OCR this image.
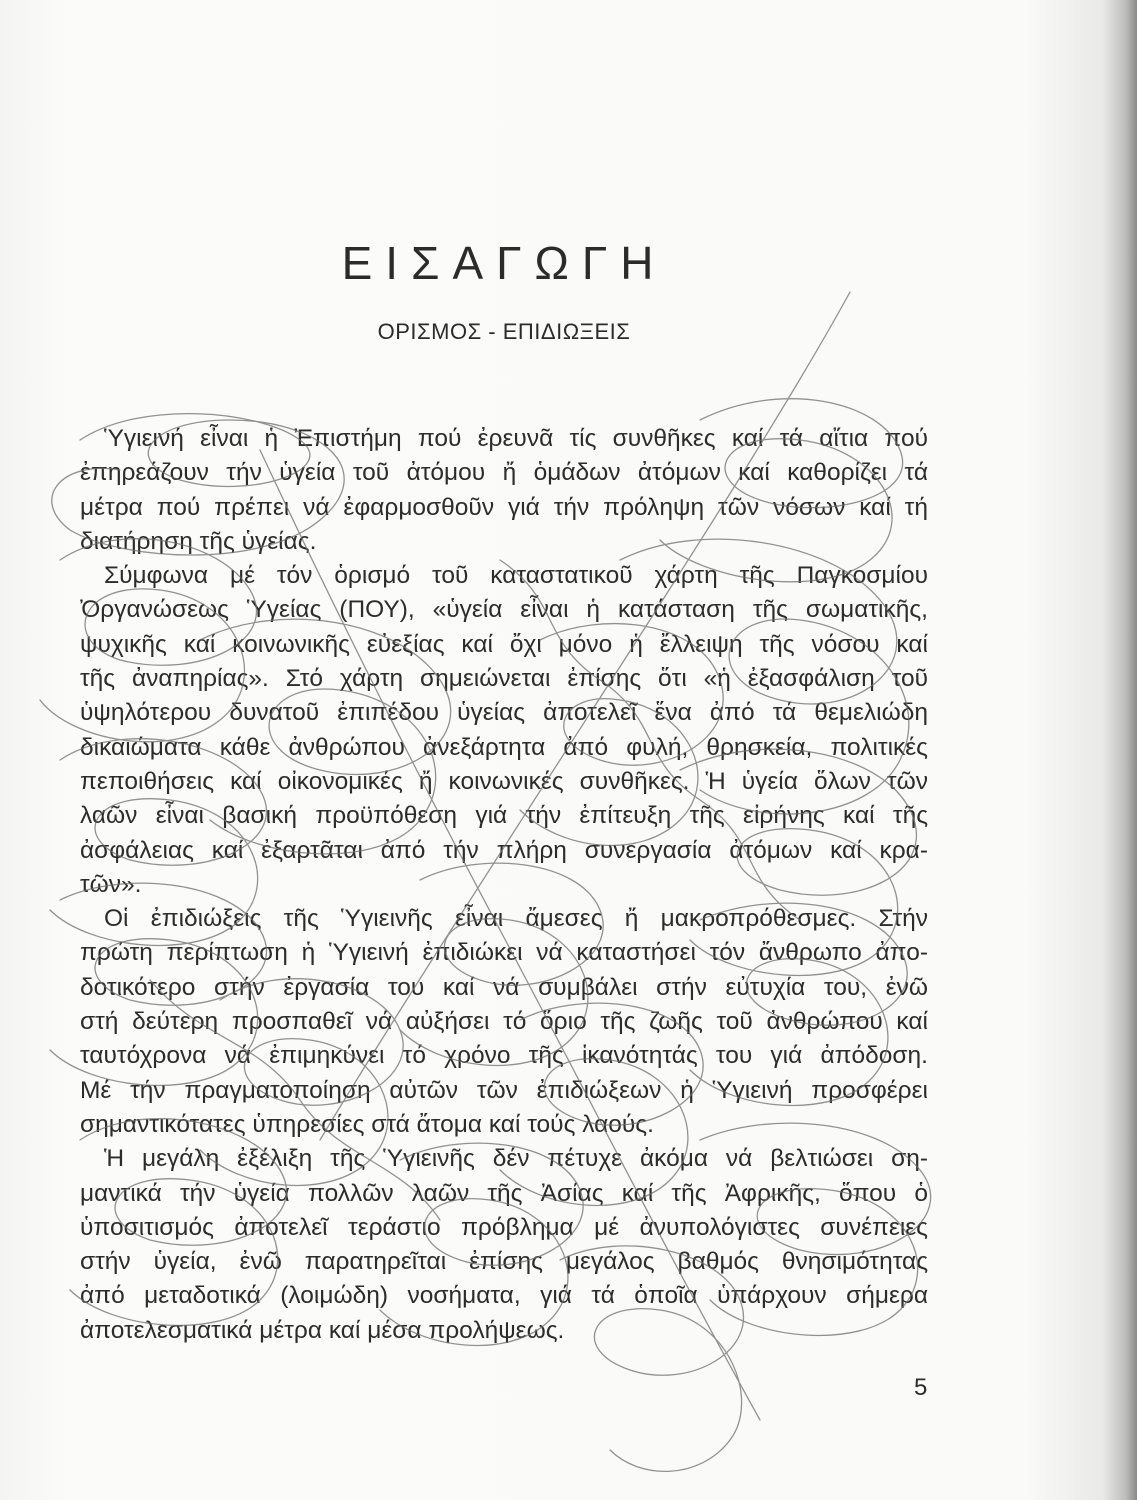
ΕΙΣΑΓΩΓΗ
ΟΡΙΣΜΟΣ - ΕΠΙΔΙΩΞΕΙΣ

Ὑγιεινή εἶναι ἡ Ἐπιστήμη πού ἐρευνᾶ τίς συνθῆκες καί τά αἴτια πού
ἐπηρεάζουν τήν ὑγεία τοῦ ἀτόμου ἤ ὁμάδων ἀτόμων καί καθορίζει τά
μέτρα πού πρέπει νά ἐφαρμοσθοῦν γιά τήν πρόληψη τῶν νόσων καί τή
διατήρηση τῆς ὑγείας.

Σύμφωνα μέ τόν ὁρισμό τοῦ καταστατικοῦ χάρτη τῆς Παγκοσμίου
Ὀργανώσεως Ὑγείας (ΠΟΥ), «ὑγεία εἶναι ἡ κατάσταση τῆς σωματικῆς,
ψυχικῆς καί κοινωνικῆς εὐεξίας καί ὄχι μόνο ἡ ἔλλειψη τῆς νόσου καί
τῆς ἀναπηρίας». Στό χάρτη σημειώνεται ἐπίσης ὅτι «ἡ ἐξασφάλιση τοῦ
ὑψηλότερου δυνατοῦ ἐπιπέδου ὑγείας ἀποτελεῖ ἕνα ἀπό τά θεμελιώδη
δικαιώματα κάθε ἀνθρώπου ἀνεξάρτητα ἀπό φυλή, θρησκεία, πολιτικές
πεποιθήσεις καί οἰκονομικές ἤ κοινωνικές συνθῆκες. Ἡ ὑγεία ὅλων τῶν
λαῶν εἶναι βασική προϋπόθεση γιά τήν ἐπίτευξη τῆς εἰρήνης καί τῆς
ἀσφάλειας καί ἐξαρτᾶται ἀπό τήν πλήρη συνεργασία ἀτόμων καί κρα-
τῶν».

Οἱ ἐπιδιώξεις τῆς Ὑγιεινῆς εἶναι ἄμεσες ἤ μακροπρόθεσμες. Στήν
πρώτη περίπτωση ἡ Ὑγιεινή ἐπιδιώκει νά καταστήσει τόν ἄνθρωπο ἀπο-
δοτικότερο στήν ἐργασία του καί νά συμβάλει στήν εὐτυχία του, ἐνῶ
στή δεύτερη προσπαθεῖ νά αὐξήσει τό ὅριο τῆς ζωῆς τοῦ ἀνθρώπου καί
ταυτόχρονα νά ἐπιμηκύνει τό χρόνο τῆς ἱκανότητάς του γιά ἀπόδοση.
Μέ τήν πραγματοποίηση αὐτῶν τῶν ἐπιδιώξεων ἡ Ὑγιεινή προσφέρει
σημαντικότατες ὑπηρεσίες στά ἄτομα καί τούς λαούς.

Ἡ μεγάλη ἐξέλιξη τῆς Ὑγιεινῆς δέν πέτυχε ἀκόμα νά βελτιώσει ση-
μαντικά τήν ὑγεία πολλῶν λαῶν τῆς Ἀσίας καί τῆς Ἀφρικῆς, ὅπου ὁ
ὑποσιτισμός ἀποτελεῖ τεράστιο πρόβλημα μέ ἀνυπολόγιστες συνέπειες
στήν ὑγεία, ἐνῶ παρατηρεῖται ἐπίσης μεγάλος βαθμός θνησιμότητας
ἀπό μεταδοτικά (λοιμώδη) νοσήματα, γιά τά ὁποῖα ὑπάρχουν σήμερα
ἀποτελεσματικά μέτρα καί μέσα προλήψεως.

5
